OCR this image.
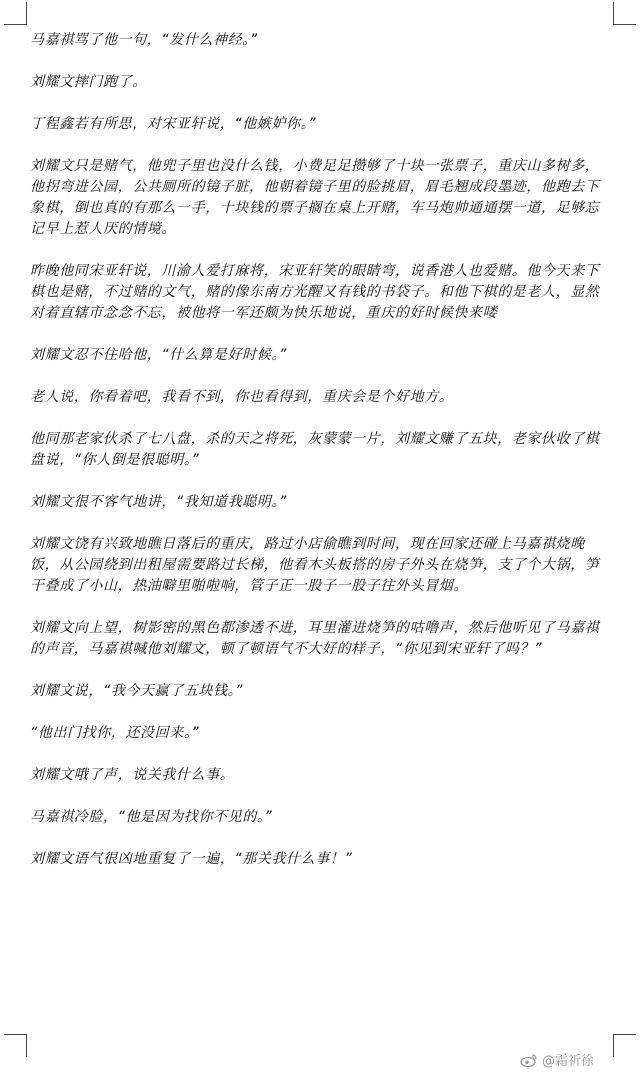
马嘉祺骂了他一句，“发什么神经。”

刘耀文摔门跑了。

丁程鑫若有所思，对宋亚轩说，“他嫉妒你。”

刘耀文只是赌气，他兜子里也没什么钱，小费足足攒够了十块一张票子，重庆山多树多，他拐弯进公园，公共厕所的镜子脏，他朝着镜子里的脸挑眉，眉毛翘成段墨迹，他跑去下象棋，倒也真的有那么一手，十块钱的票子搁在桌上开赌，车马炮帅通通摆一道，足够忘记早上惹人厌的情境。

昨晚他同宋亚轩说，川渝人爱打麻将，宋亚轩笑的眼睛弯，说香港人也爱赌。他今天来下棋也是赌，不过赌的文气，赌的像东南方光醒又有钱的书袋子。和他下棋的是老人，显然对着直辖市念念不忘，被他将一军还颇为快乐地说，重庆的好时候快来喽

刘耀文忍不住哈他，“什么算是好时候。”

老人说，你看着吧，我看不到，你也看得到，重庆会是个好地方。

他同那老家伙杀了七八盘，杀的天之将死，灰蒙蒙一片，刘耀文赚了五块，老家伙收了棋盘说，“你人倒是很聪明。”

刘耀文很不客气地讲，“我知道我聪明。”

刘耀文饶有兴致地瞧日落后的重庆，路过小店偷瞧到时间，现在回家还碰上马嘉祺烧晚饭，从公园绕到出租屋需要路过长梯，他看木头板搭的房子外头在烧笋，支了个大锅，笋干叠成了小山，热油噼里啪啦响，管子正一股子一股子往外头冒烟。

刘耀文向上望，树影密的黑色都渗透不进，耳里灌进烧笋的咕噜声，然后他听见了马嘉祺的声音，马嘉祺喊他刘耀文，顿了顿语气不大好的样子，“你见到宋亚轩了吗？”

刘耀文说，“我今天赢了五块钱。”

“他出门找你，还没回来。”

刘耀文哦了声，说关我什么事。

马嘉祺冷脸，“他是因为找你不见的。”

刘耀文语气很凶地重复了一遍，“那关我什么事！”

@霜祈徐
